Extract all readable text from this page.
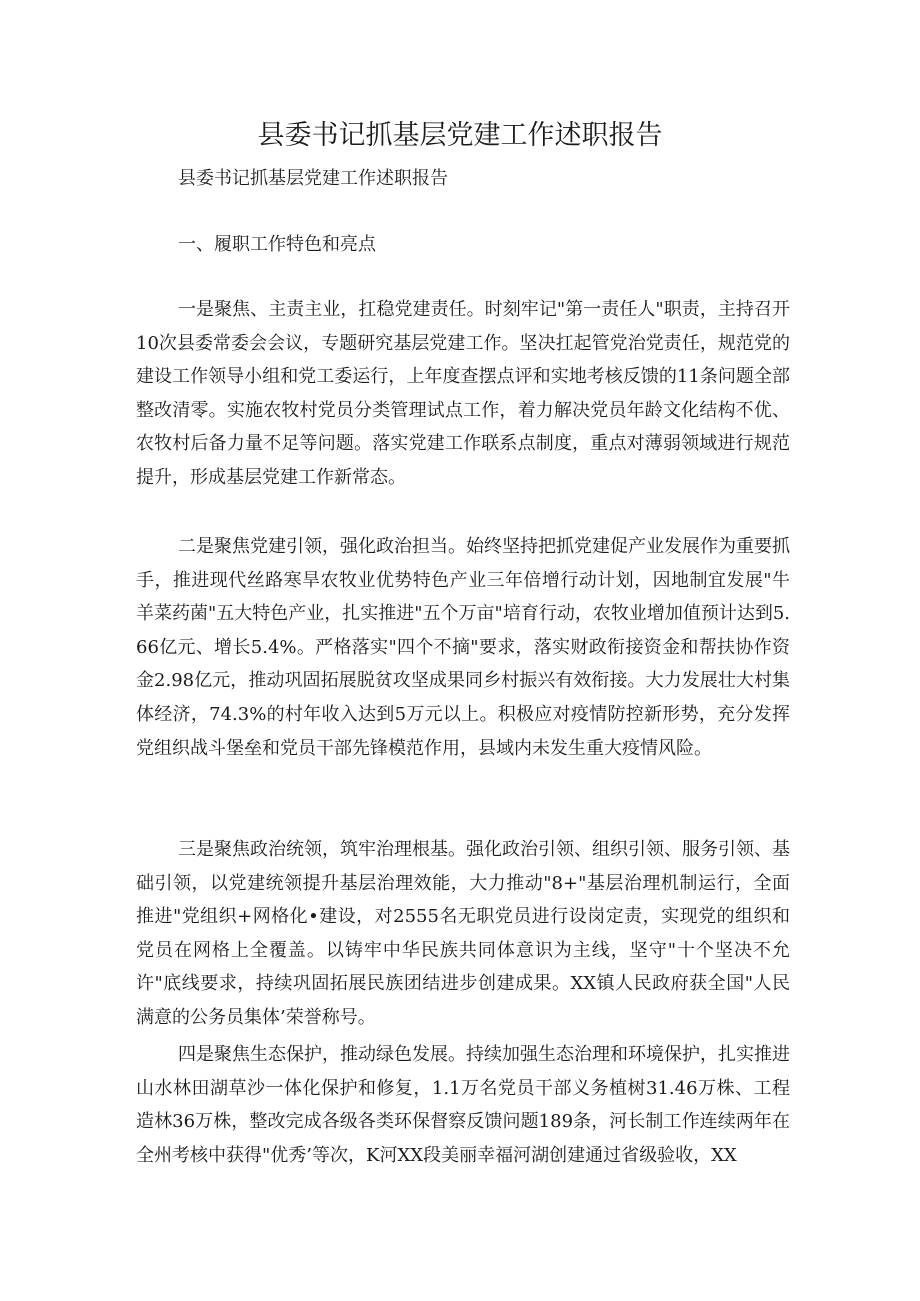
县委书记抓基层党建工作述职报告

县委书记抓基层党建工作述职报告

一、履职工作特色和亮点

一是聚焦、主责主业，扛稳党建责任。时刻牢记"第一责任人"职责，主持召开10次县委常委会会议，专题研究基层党建工作。坚决扛起管党治党责任，规范党的建设工作领导小组和党工委运行，上年度查摆点评和实地考核反馈的11条问题全部整改清零。实施农牧村党员分类管理试点工作，着力解决党员年龄文化结构不优、农牧村后备力量不足等问题。落实党建工作联系点制度，重点对薄弱领域进行规范提升，形成基层党建工作新常态。

二是聚焦党建引领，强化政治担当。始终坚持把抓党建促产业发展作为重要抓手，推进现代丝路寒旱农牧业优势特色产业三年倍增行动计划，因地制宜发展"牛羊菜药菌"五大特色产业，扎实推进"五个万亩"培育行动，农牧业增加值预计达到5.66亿元、增长5.4%。严格落实"四个不摘"要求，落实财政衔接资金和帮扶协作资金2.98亿元，推动巩固拓展脱贫攻坚成果同乡村振兴有效衔接。大力发展壮大村集体经济，74.3%的村年收入达到5万元以上。积极应对疫情防控新形势，充分发挥党组织战斗堡垒和党员干部先锋模范作用，县域内未发生重大疫情风险。

三是聚焦政治统领，筑牢治理根基。强化政治引领、组织引领、服务引领、基础引领，以党建统领提升基层治理效能，大力推动"8+"基层治理机制运行，全面推进"党组织+网格化•建设，对2555名无职党员进行设岗定责，实现党的组织和党员在网格上全覆盖。以铸牢中华民族共同体意识为主线，坚守"十个坚决不允许"底线要求，持续巩固拓展民族团结进步创建成果。XX镇人民政府获全国"人民满意的公务员集体’荣誉称号。

四是聚焦生态保护，推动绿色发展。持续加强生态治理和环境保护，扎实推进山水林田湖草沙一体化保护和修复，1.1万名党员干部义务植树31.46万株、工程造林36万株，整改完成各级各类环保督察反馈问题189条，河长制工作连续两年在全州考核中获得"优秀’等次，K河XX段美丽幸福河湖创建通过省级验收，XX
